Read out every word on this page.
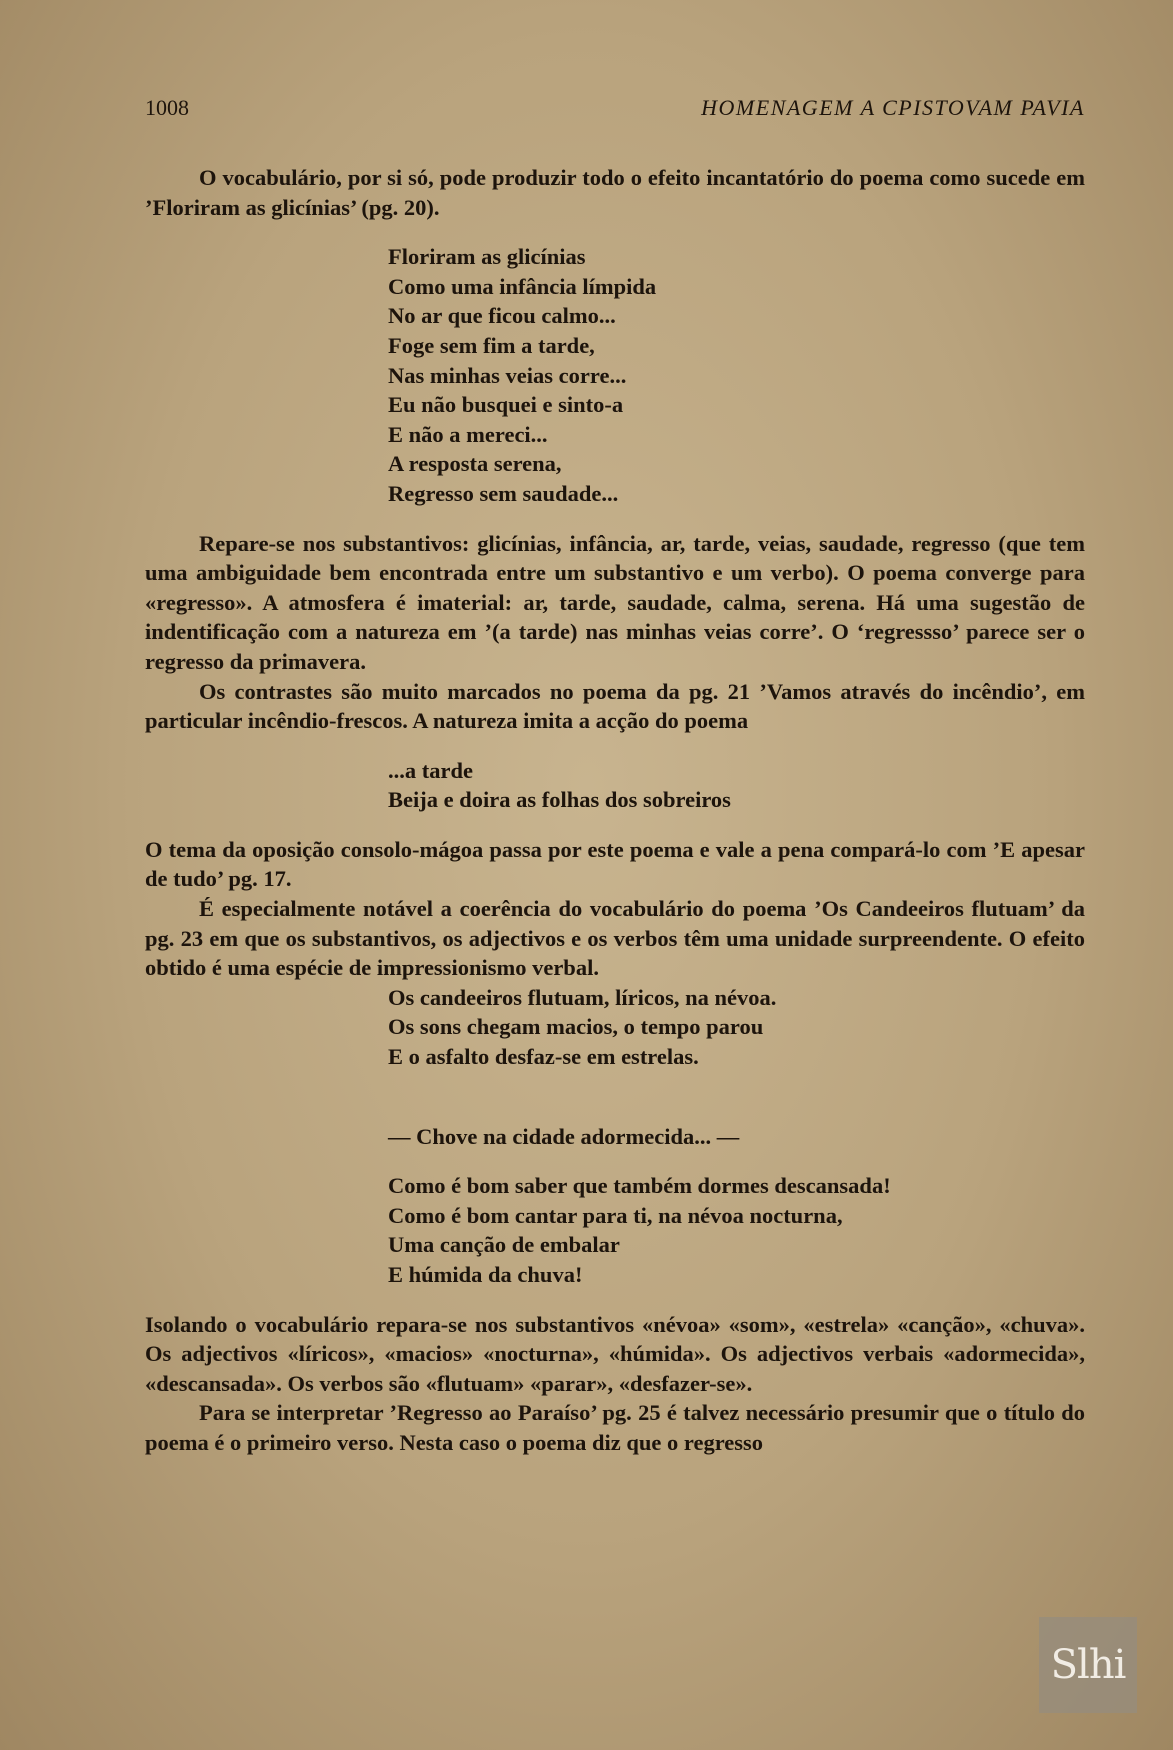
1008	HOMENAGEM A CPISTOVAM PAVIA

O vocabulário, por si só, pode produzir todo o efeito incantatório do poema como sucede em ’Floriram as glicínias’ (pg. 20).

Floriram as glicínias
Como uma infância límpida
No ar que ficou calmo...
Foge sem fim a tarde,
Nas minhas veias corre...
Eu não busquei e sinto-a
E não a mereci...
A resposta serena,
Regresso sem saudade...

Repare-se nos substantivos: glicínias, infância, ar, tarde, veias, saudade, regresso (que tem uma ambiguidade bem encontrada entre um substantivo e um verbo). O poema converge para «regresso». A atmosfera é imaterial: ar, tarde, saudade, calma, serena. Há uma sugestão de indentificação com a natureza em ’(a tarde) nas minhas veias corre’. O ‘regressso’ parece ser o regresso da primavera.

Os contrastes são muito marcados no poema da pg. 21 ’Vamos através do incêndio’, em particular incêndio-frescos. A natureza imita a acção do poema

...a tarde
Beija e doira as folhas dos sobreiros

O tema da oposição consolo-mágoa passa por este poema e vale a pena compará-lo com ’E apesar de tudo’ pg. 17.

É especialmente notável a coerência do vocabulário do poema ’Os Candeeiros flutuam’ da pg. 23 em que os substantivos, os adjectivos e os verbos têm uma unidade surpreendente. O efeito obtido é uma espécie de impressionismo verbal.

Os candeeiros flutuam, líricos, na névoa.
Os sons chegam macios, o tempo parou
E o asfalto desfaz-se em estrelas.
— Chove na cidade adormecida... —
Como é bom saber que também dormes descansada!
Como é bom cantar para ti, na névoa nocturna,
Uma canção de embalar
E húmida da chuva!

Isolando o vocabulário repara-se nos substantivos «névoa» «som», «estrela» «canção», «chuva». Os adjectivos «líricos», «macios» «nocturna», «húmida». Os adjectivos verbais «adormecida», «descansada». Os verbos são «flutuam» «parar», «desfazer-se».

Para se interpretar ’Regresso ao Paraíso’ pg. 25 é talvez necessário presumir que o título do poema é o primeiro verso. Nesta caso o poema diz que o regresso

Slhi
